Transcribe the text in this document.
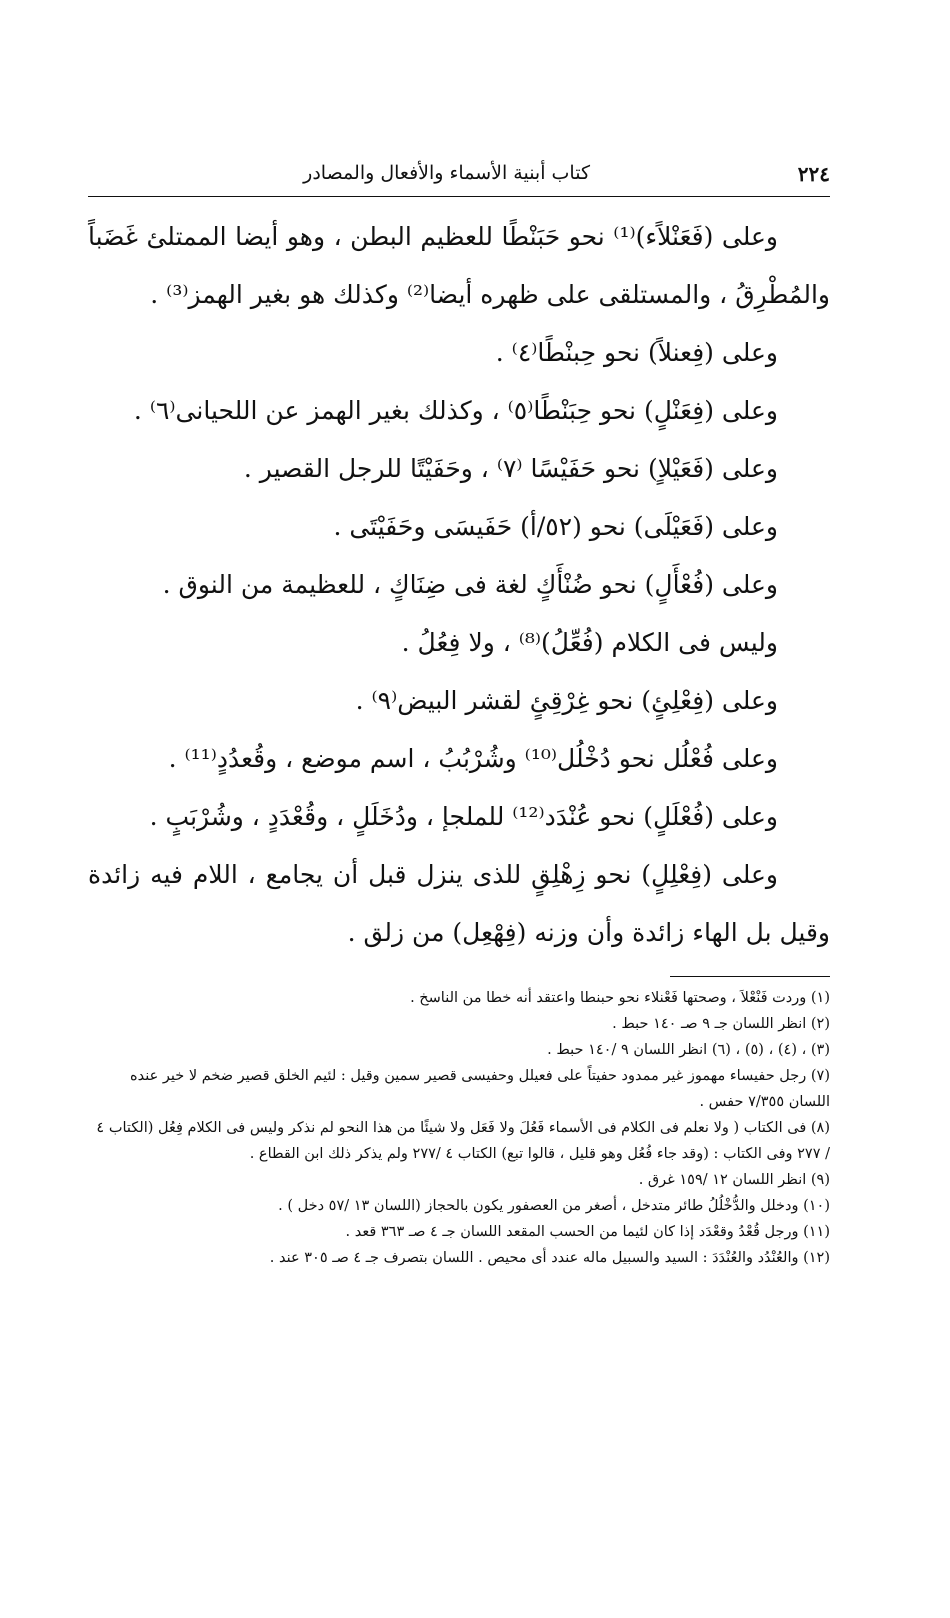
٢٢٤
كتاب أبنية الأسماء والأفعال والمصادر

وعلى (فَعَنْلاًء)⁽¹⁾ نحو حَبَنْطًا للعظيم البطن ، وهو أيضا الممتلئ غَضَباً والمُطْرِقُ ، والمستلقى على ظهره أيضا⁽²⁾ وكذلك هو بغير الهمز⁽³⁾ .

وعلى (فِعنلاً) نحو حِبنْطًا⁽٤⁾ .

وعلى (فِعَنْلٍ) نحو حِبَنْطًا⁽٥⁾ ، وكذلك بغير الهمز عن اللحيانى⁽٦⁾ .

وعلى (فَعَيْلاٍ) نحو حَفَيْسًا ⁽٧⁾ ، وحَفَيْتًا للرجل القصير .

وعلى (فَعَيْلَى) نحو (٥٢/أ) حَفَيسَى وحَفَيْتَى .

وعلى (فُعْأَلٍ) نحو ضُنْأَكٍ لغة فى ضِنَاكٍ ، للعظيمة من النوق .

وليس فى الكلام (فُعِّلُ)⁽⁸⁾ ، ولا فِعُلُ .

وعلى (فِعْلِئٍ) نحو غِرْقِئٍ لقشر البيض⁽٩⁾ .

وعلى فُعْلُل نحو دُخْلُل⁽¹⁰⁾ وشُرْبُبُ ، اسم موضع ، وقُعدُدٍ⁽¹¹⁾ .

وعلى (فُعْلَلٍ) نحو عُنْدَد⁽¹²⁾ للملجإ ، ودُخَلَلٍ ، وقُعْدَدٍ ، وشُرْبَبٍ .

وعلى (فِعْلِلٍ) نحو زِهْلِقٍ للذى ينزل قبل أن يجامع ، اللام فيه زائدة وقيل بل الهاء زائدة وأن وزنه (فِهْعِل) من زلق .

(١) وردت فَنْعْلاَ ، وصحتها فَعْنلاء نحو حبنطا واعتقد أنه خطا من الناسخ .

(٢) انظر اللسان جـ ٩ صـ ١٤٠ حبط .

(٣) ، (٤) ، (٥) ، (٦) انظر اللسان ٩ /١٤٠ حبط .

(٧) رجل حفيساء مهموز غير ممدود حفيتاً على فعيلل وحفيسى قصير سمين وقيل : لئيم الخلق قصير ضخم لا خير عنده اللسان ٧/٣٥٥ حفس .

(٨) فى الكتاب ( ولا نعلم فى الكلام فى الأسماء فَعُلَ ولا فَعَل ولا شيئًا من هذا النحو لم نذكر وليس فى الكلام فِعُل (الكتاب ٤ / ٢٧٧ وفى الكتاب : (وقد جاء فُعُل وهو قليل ، قالوا تبع) الكتاب ٤ /٢٧٧ ولم يذكر ذلك ابن القطاع .

(٩) انظر اللسان ١٢ /١٥٩ غرق .

(١٠) ودخلل والدُّخْلُلُ طائر متدخل ، أصغر من العصفور يكون بالحجاز (اللسان ١٣ /٥٧ دخل ) .

(١١) ورجل قُعْدُ وقعْدَد إذا كان لئيما من الحسب المقعد اللسان جـ ٤ صـ ٣٦٣ قعد .

(١٢) والعُنْدُد والعُنْدَدَ : السيد والسبيل ماله عندد أى محيص . اللسان بتصرف جـ ٤ صـ ٣٠٥ عند .
